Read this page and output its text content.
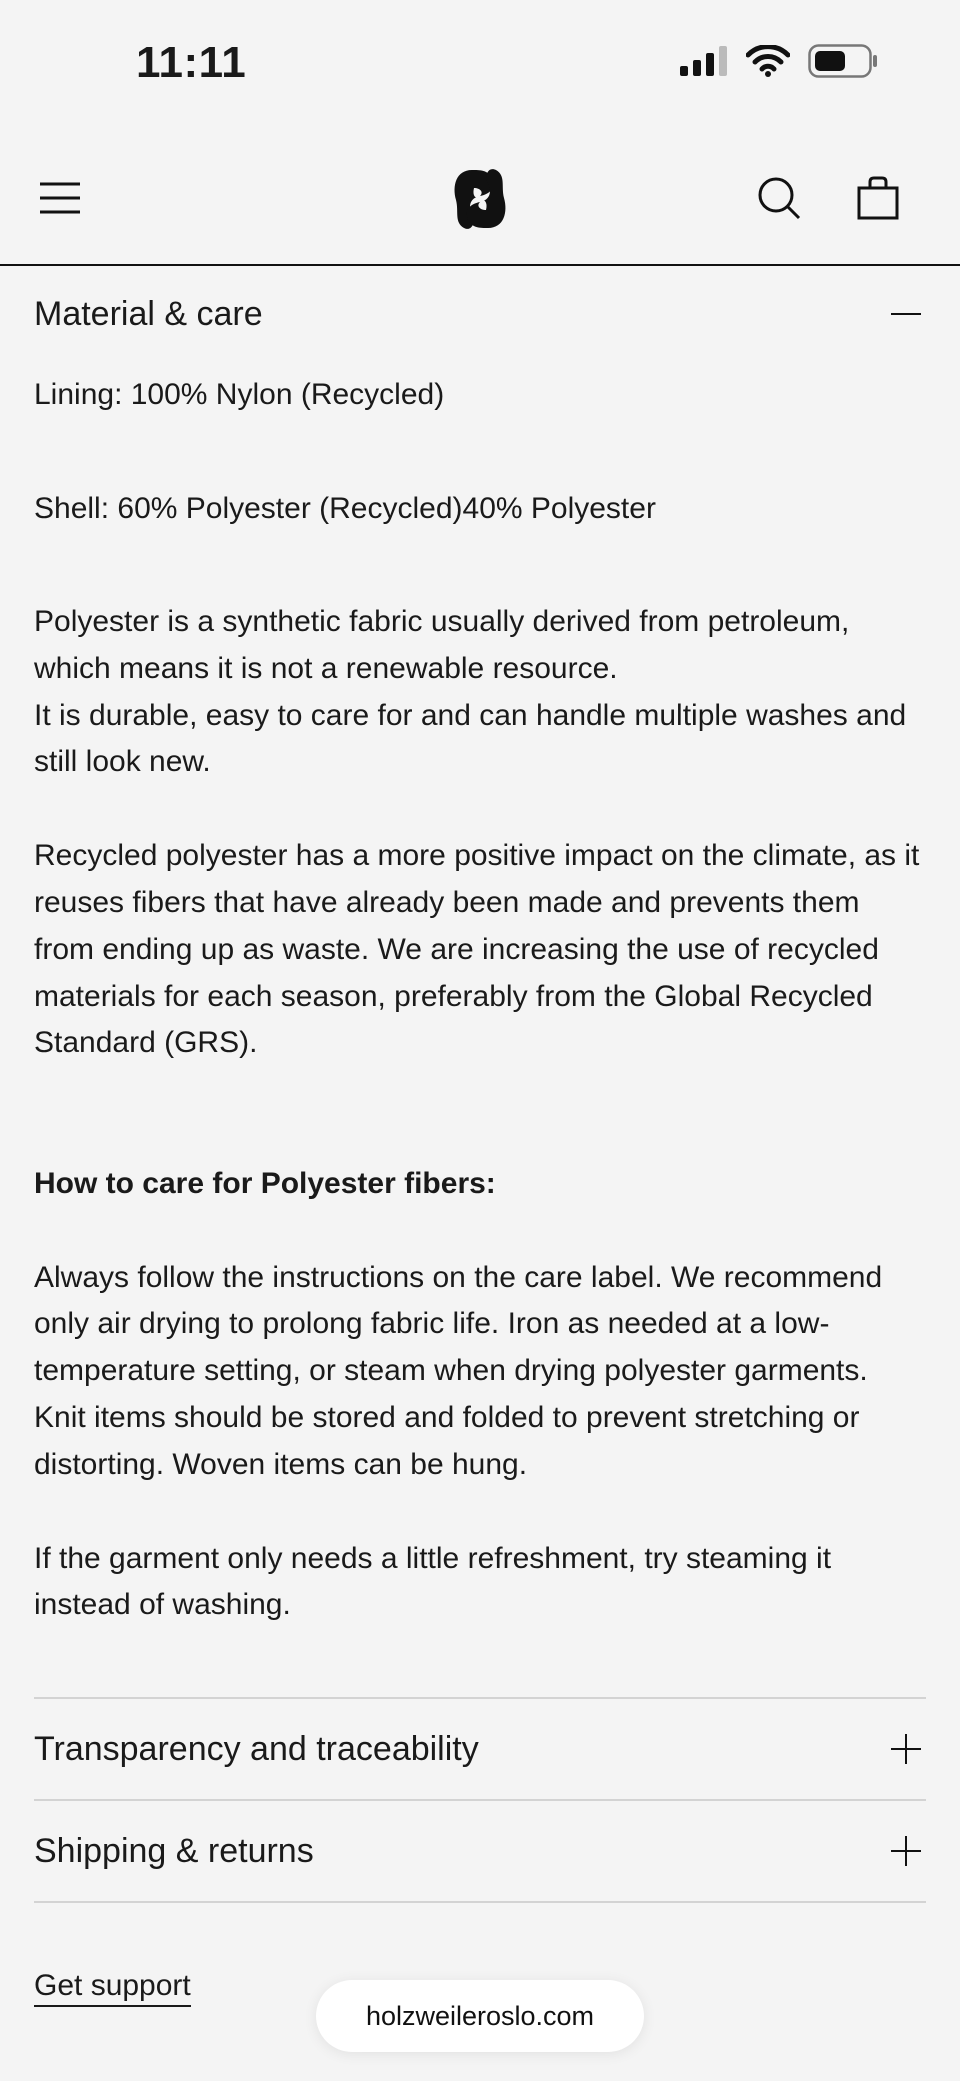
11:11
Material & care

Lining: 100% Nylon (Recycled)

Shell: 60% Polyester (Recycled)40% Polyester

Polyester is a synthetic fabric usually derived from petroleum, which means it is not a renewable resource.
It is durable, easy to care for and can handle multiple washes and still look new.

Recycled polyester has a more positive impact on the climate, as it reuses fibers that have already been made and prevents them from ending up as waste. We are increasing the use of recycled materials for each season, preferably from the Global Recycled Standard (GRS).

How to care for Polyester fibers:

Always follow the instructions on the care label. We recommend only air drying to prolong fabric life. Iron as needed at a low-temperature setting, or steam when drying polyester garments. Knit items should be stored and folded to prevent stretching or distorting. Woven items can be hung.

If the garment only needs a little refreshment, try steaming it instead of washing.

Transparency and traceability
Shipping & returns
Get support
holzweileroslo.com
